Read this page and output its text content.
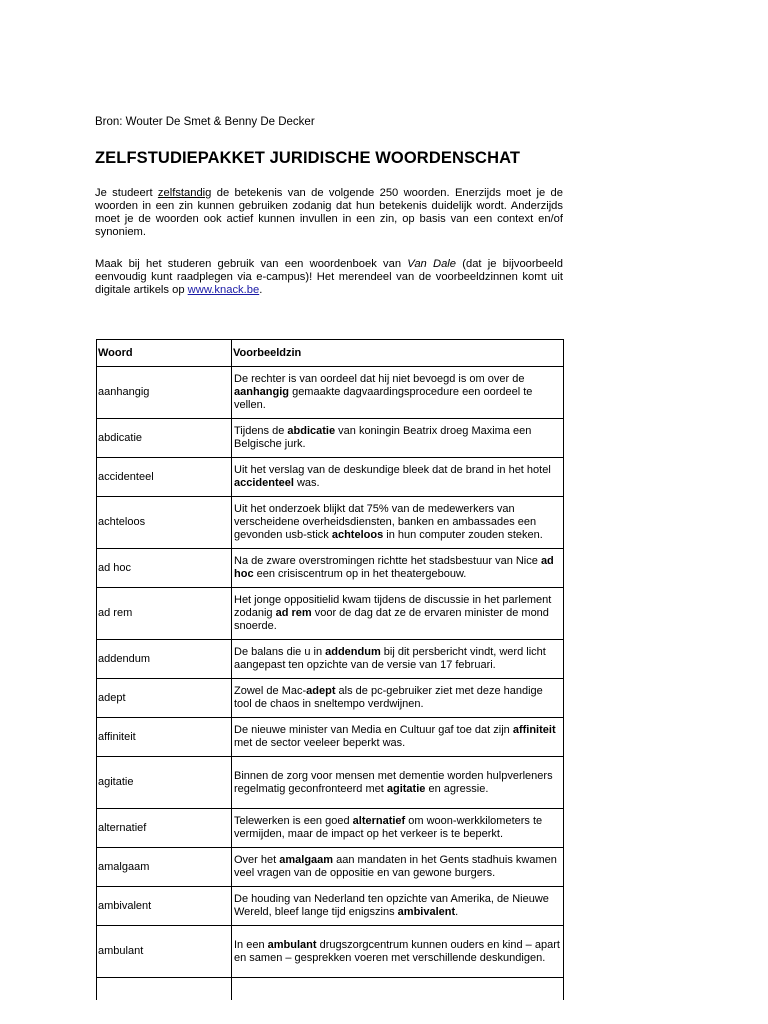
Bron: Wouter De Smet & Benny De Decker
ZELFSTUDIEPAKKET JURIDISCHE WOORDENSCHAT

Je studeert zelfstandig de betekenis van de volgende 250 woorden. Enerzijds moet je de woorden in een zin kunnen gebruiken zodanig dat hun betekenis duidelijk wordt. Anderzijds moet je de woorden ook actief kunnen invullen in een zin, op basis van een context en/of synoniem.

Maak bij het studeren gebruik van een woordenboek van Van Dale (dat je bijvoorbeeld eenvoudig kunt raadplegen via e-campus)! Het merendeel van de voorbeeldzinnen komt uit digitale artikels op www.knack.be.

Woord	Voorbeeldzin
aanhangig	De rechter is van oordeel dat hij niet bevoegd is om over de aanhangig gemaakte dagvaardingsprocedure een oordeel te vellen.
abdicatie	Tijdens de abdicatie van koningin Beatrix droeg Maxima een Belgische jurk.
accidenteel	Uit het verslag van de deskundige bleek dat de brand in het hotel accidenteel was.
achteloos	Uit het onderzoek blijkt dat 75% van de medewerkers van verscheidene overheidsdiensten, banken en ambassades een gevonden usb-stick achteloos in hun computer zouden steken.
ad hoc	Na de zware overstromingen richtte het stadsbestuur van Nice ad hoc een crisiscentrum op in het theatergebouw.
ad rem	Het jonge oppositielid kwam tijdens de discussie in het parlement zodanig ad rem voor de dag dat ze de ervaren minister de mond snoerde.
addendum	De balans die u in addendum bij dit persbericht vindt, werd licht aangepast ten opzichte van de versie van 17 februari.
adept	Zowel de Mac-adept als de pc-gebruiker ziet met deze handige tool de chaos in sneltempo verdwijnen.
affiniteit	De nieuwe minister van Media en Cultuur gaf toe dat zijn affiniteit met de sector veeleer beperkt was.
agitatie	Binnen de zorg voor mensen met dementie worden hulpverleners regelmatig geconfronteerd met agitatie en agressie.
alternatief	Telewerken is een goed alternatief om woon-werkkilometers te vermijden, maar de impact op het verkeer is te beperkt.
amalgaam	Over het amalgaam aan mandaten in het Gents stadhuis kwamen veel vragen van de oppositie en van gewone burgers.
ambivalent	De houding van Nederland ten opzichte van Amerika, de Nieuwe Wereld, bleef lange tijd enigszins ambivalent.
ambulant	In een ambulant drugszorgcentrum kunnen ouders en kind – apart en samen – gesprekken voeren met verschillende deskundigen.
